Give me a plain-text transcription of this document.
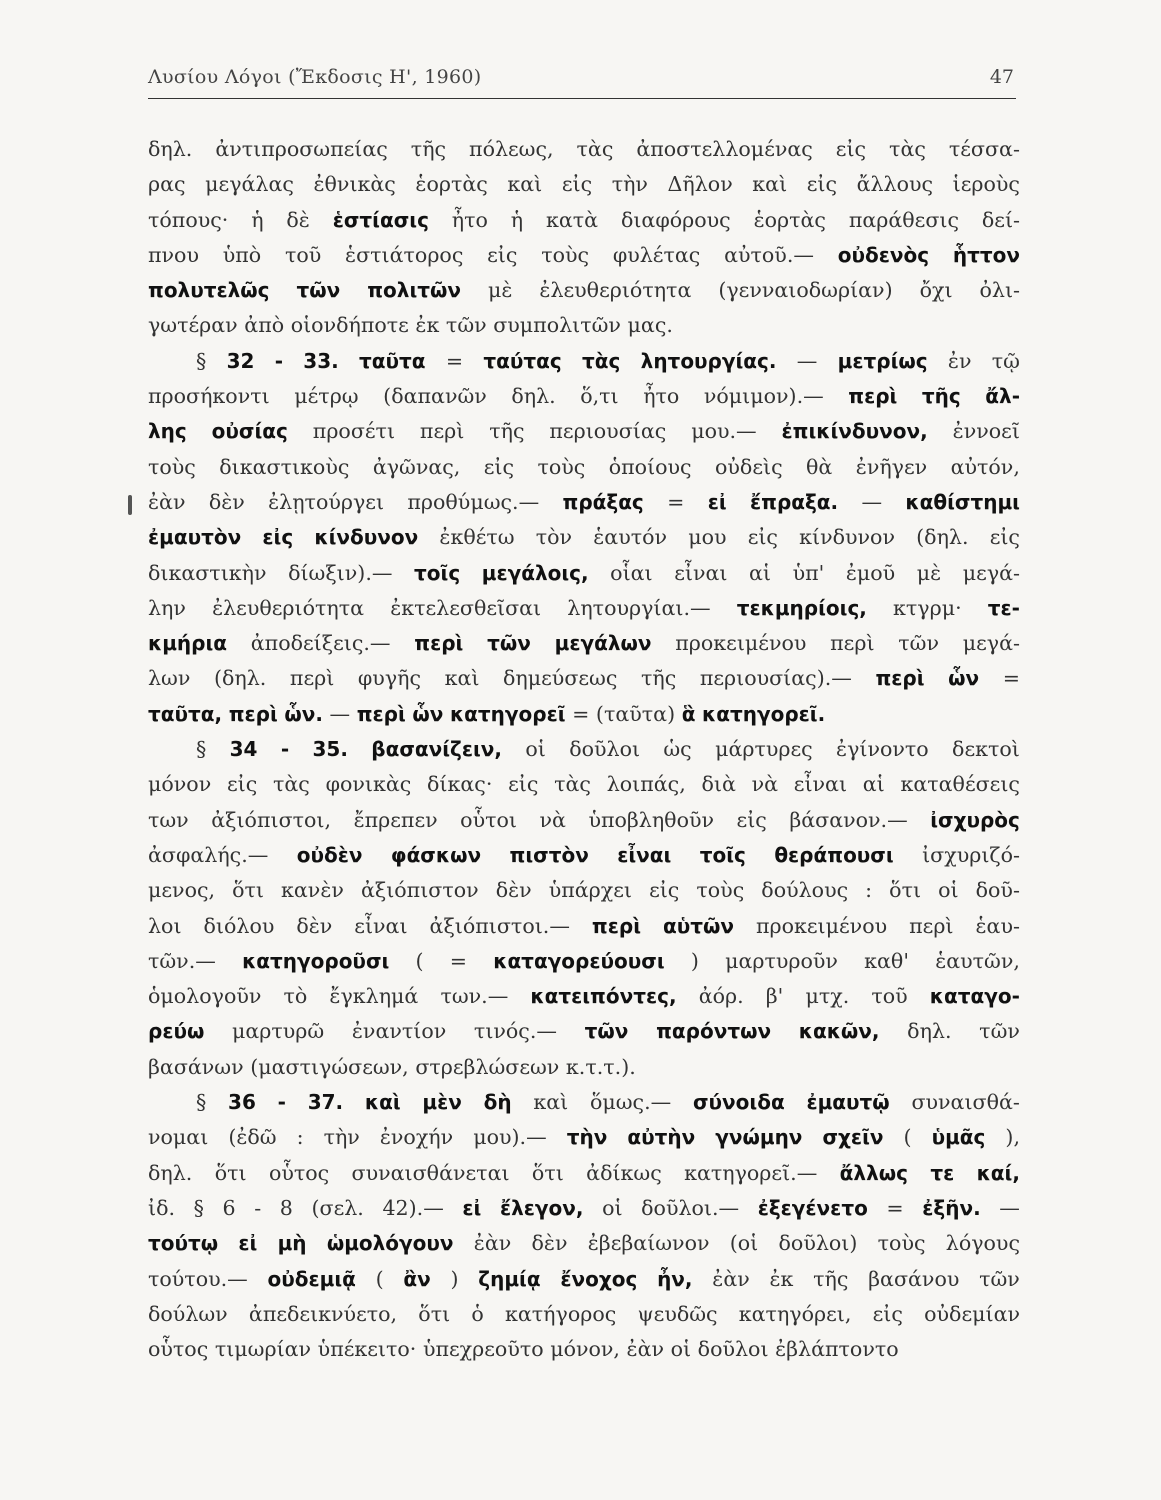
Λυσίου Λόγοι (Ἔκδοσις Η', 1960)	47
δηλ. ἀντιπροσωπείας τῆς πόλεως, τὰς ἀποστελλομένας εἰς τὰς τέσσα-
ρας μεγάλας ἐθνικὰς ἑορτὰς καὶ εἰς τὴν Δῆλον καὶ εἰς ἄλλους ἱεροὺς
τόπους· ἡ δὲ ἑστίασις ἦτο ἡ κατὰ διαφόρους ἑορτὰς παράθεσις δεί-
πνου ὑπὸ τοῦ ἑστιάτορος εἰς τοὺς φυλέτας αὐτοῦ.— οὐδενὸς ἧττον
πολυτελῶς τῶν πολιτῶν μὲ ἐλευθεριότητα (γενναιοδωρίαν) ὄχι ὀλι-
γωτέραν ἀπὸ οἱονδήποτε ἐκ τῶν συμπολιτῶν μας.
§ 32 - 33. ταῦτα = ταύτας τὰς λητουργίας. — μετρίως ἐν τῷ
προσήκοντι μέτρῳ (δαπανῶν δηλ. ὅ,τι ἦτο νόμιμον).— περὶ τῆς ἄλ-
λης οὐσίας προσέτι περὶ τῆς περιουσίας μου.— ἐπικίνδυνον, ἐννοεῖ
τοὺς δικαστικοὺς ἀγῶνας, εἰς τοὺς ὁποίους οὐδεὶς θὰ ἐνῆγεν αὐτόν,
ἐὰν δὲν ἐλῃτούργει προθύμως.— πράξας = εἰ ἔπραξα. — καθίστημι
ἐμαυτὸν εἰς κίνδυνον ἐκθέτω τὸν ἑαυτόν μου εἰς κίνδυνον (δηλ. εἰς
δικαστικὴν δίωξιν).— τοῖς μεγάλοις, οἷαι εἶναι αἱ ὑπ' ἐμοῦ μὲ μεγά-
λην ἐλευθεριότητα ἐκτελεσθεῖσαι λητουργίαι.— τεκμηρίοις, κτγρμ· τε-
κμήρια ἀποδείξεις.— περὶ τῶν μεγάλων προκειμένου περὶ τῶν μεγά-
λων (δηλ. περὶ φυγῆς καὶ δημεύσεως τῆς περιουσίας).— περὶ ὧν =
ταῦτα, περὶ ὧν. — περὶ ὧν κατηγορεῖ = (ταῦτα) ἃ κατηγορεῖ.
§ 34 - 35. βασανίζειν, οἱ δοῦλοι ὡς μάρτυρες ἐγίνοντο δεκτοὶ
μόνον εἰς τὰς φονικὰς δίκας· εἰς τὰς λοιπάς, διὰ νὰ εἶναι αἱ καταθέσεις
των ἀξιόπιστοι, ἔπρεπεν οὗτοι νὰ ὑποβληθοῦν εἰς βάσανον.— ἰσχυρὸς
ἀσφαλής.— οὐδὲν φάσκων πιστὸν εἶναι τοῖς θεράπουσι ἰσχυριζό-
μενος, ὅτι κανὲν ἀξιόπιστον δὲν ὑπάρχει εἰς τοὺς δούλους : ὅτι οἱ δοῦ-
λοι διόλου δὲν εἶναι ἀξιόπιστοι.— περὶ αὑτῶν προκειμένου περὶ ἑαυ-
τῶν.— κατηγοροῦσι ( = καταγορεύουσι ) μαρτυροῦν καθ' ἑαυτῶν,
ὁμολογοῦν τὸ ἔγκλημά των.— κατειπόντες, ἀόρ. β' μτχ. τοῦ καταγο-
ρεύω μαρτυρῶ ἐναντίον τινός.— τῶν παρόντων κακῶν, δηλ. τῶν
βασάνων (μαστιγώσεων, στρεβλώσεων κ.τ.τ.).
§ 36 - 37. καὶ μὲν δὴ καὶ ὅμως.— σύνοιδα ἐμαυτῷ συναισθά-
νομαι (ἐδῶ : τὴν ἐνοχήν μου).— τὴν αὐτὴν γνώμην σχεῖν ( ὑμᾶς ),
δηλ. ὅτι οὗτος συναισθάνεται ὅτι ἀδίκως κατηγορεῖ.— ἄλλως τε καί,
ἰδ. § 6 - 8 (σελ. 42).— εἰ ἔλεγον, οἱ δοῦλοι.— ἐξεγένετο = ἐξῆν. —
τούτῳ εἰ μὴ ὡμολόγουν ἐὰν δὲν ἐβεβαίωνον (οἱ δοῦλοι) τοὺς λόγους
τούτου.— οὐδεμιᾷ ( ἂν ) ζημίᾳ ἔνοχος ἦν, ἐὰν ἐκ τῆς βασάνου τῶν
δούλων ἀπεδεικνύετο, ὅτι ὁ κατήγορος ψευδῶς κατηγόρει, εἰς οὐδεμίαν
οὗτος τιμωρίαν ὑπέκειτο· ὑπεχρεοῦτο μόνον, ἐὰν οἱ δοῦλοι ἐβλάπτοντο
